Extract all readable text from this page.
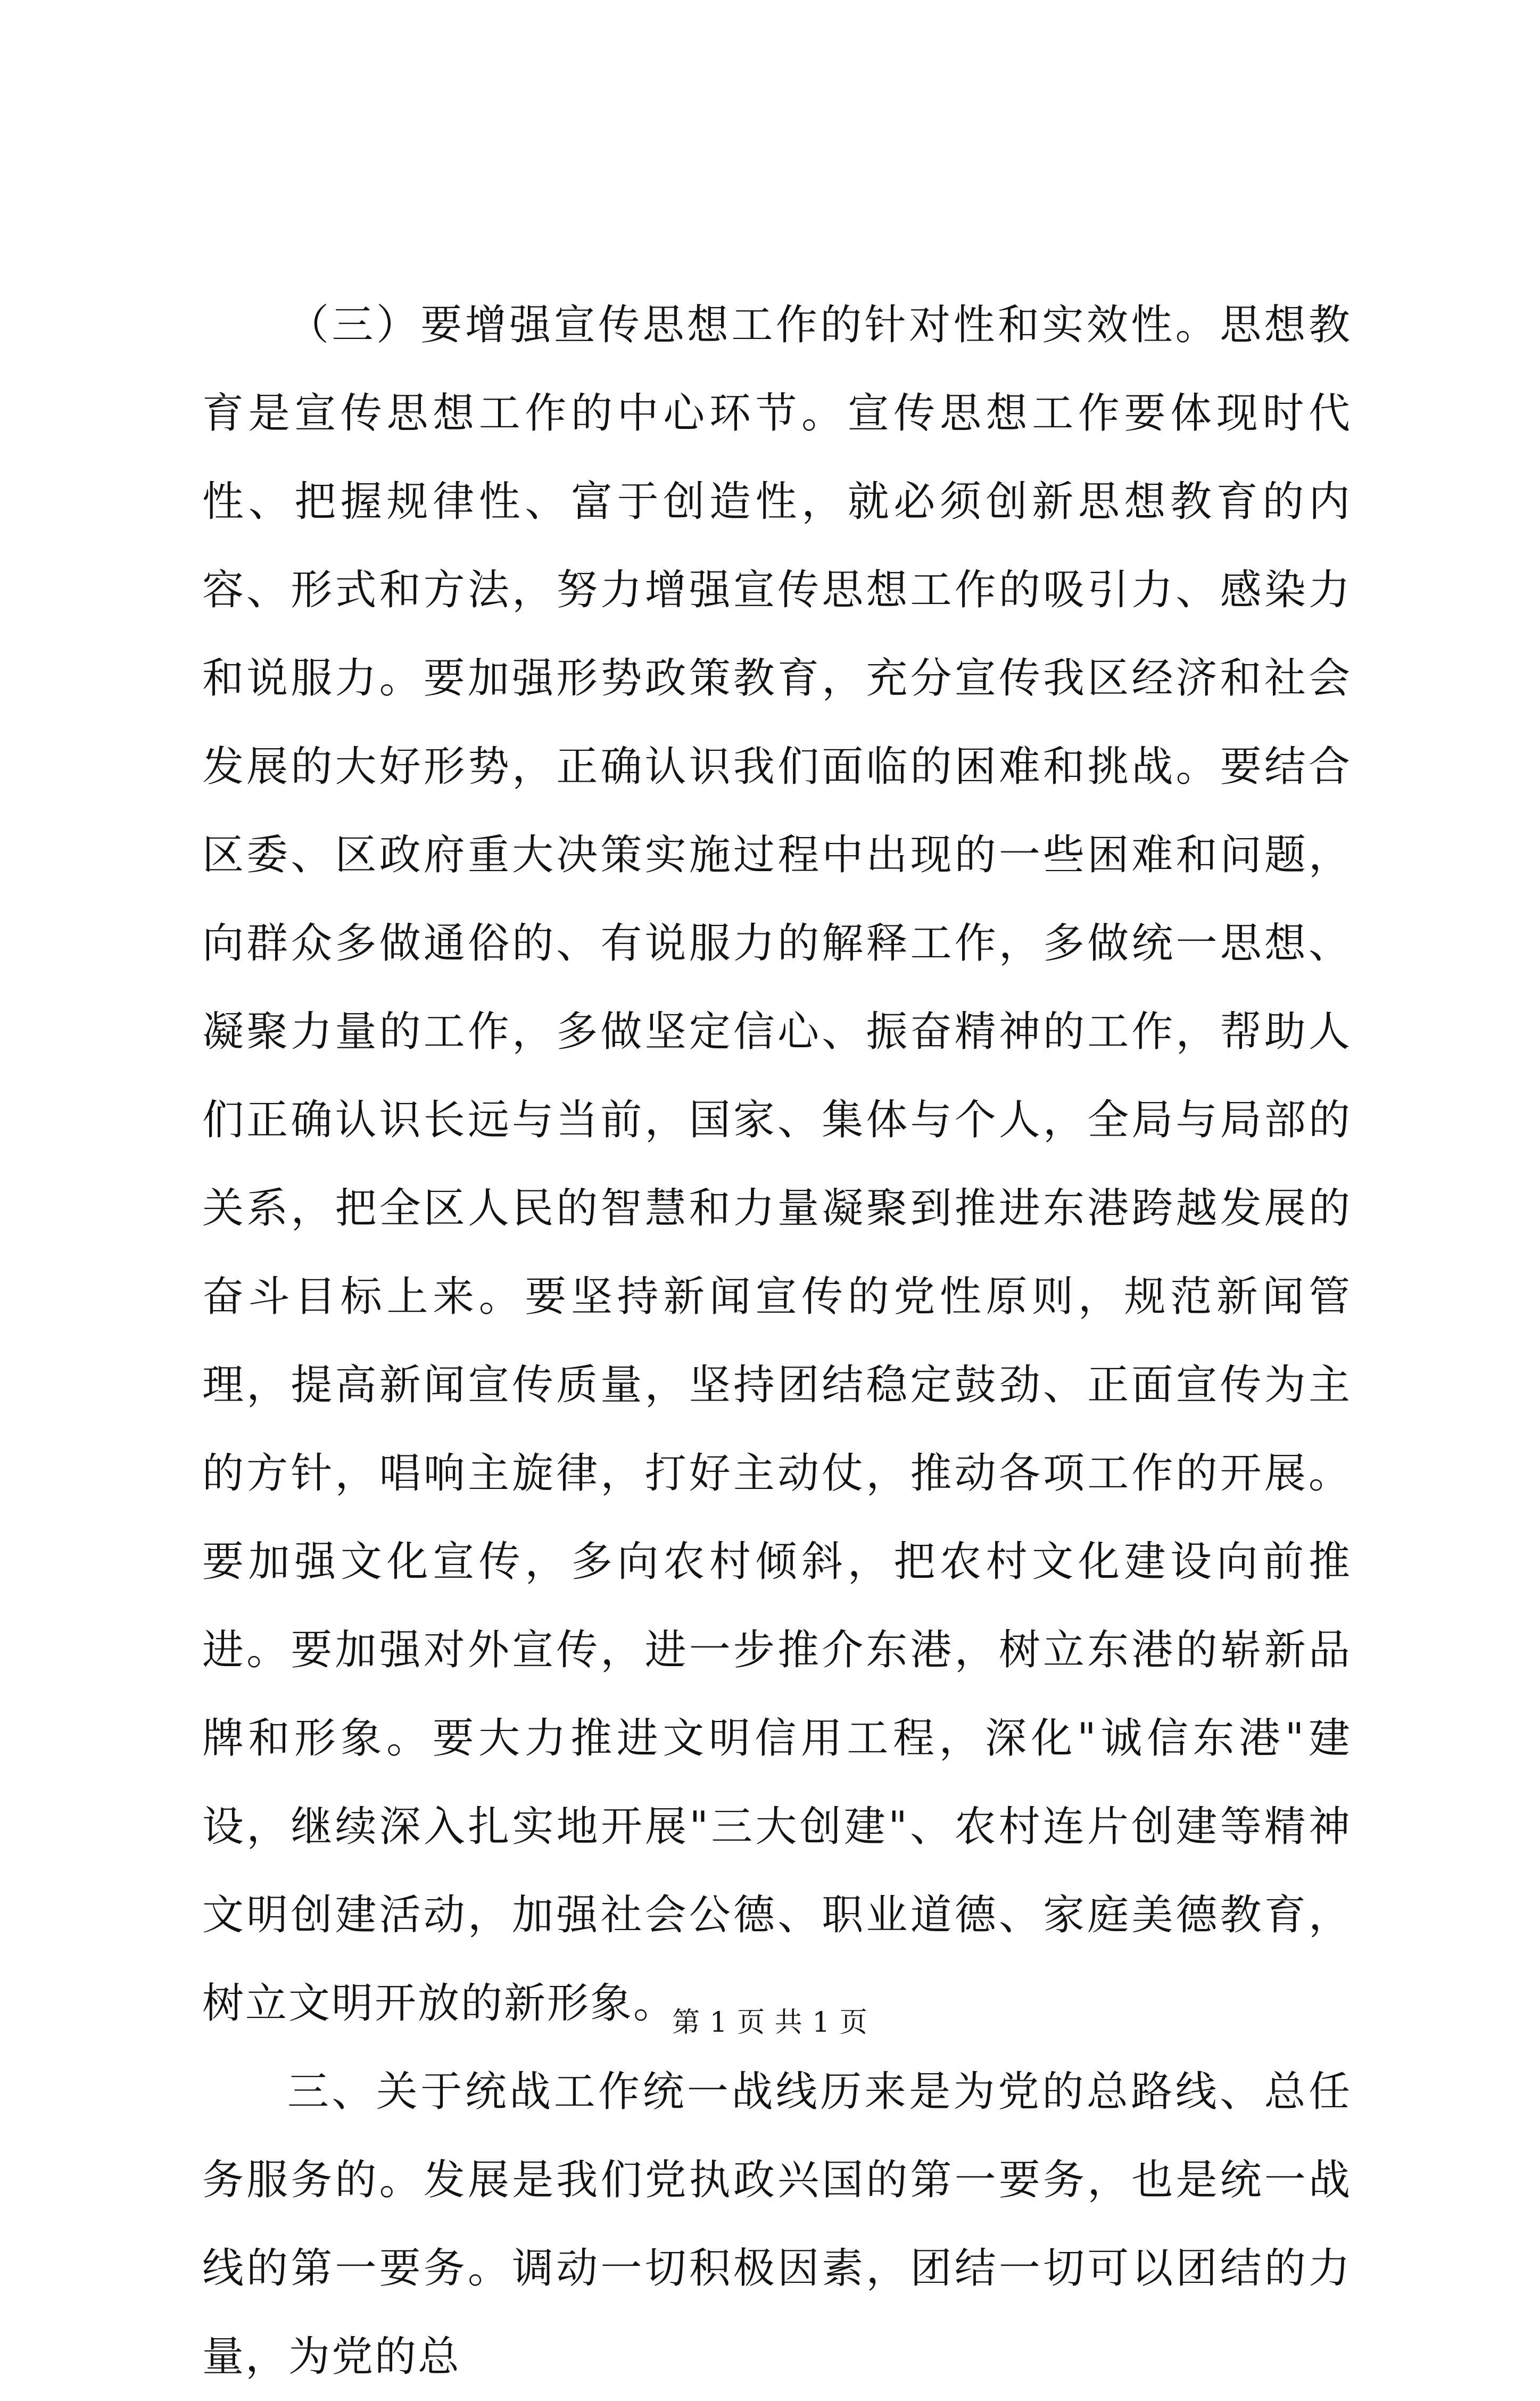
（三）要增强宣传思想工作的针对性和实效性。思想教育是宣传思想工作的中心环节。宣传思想工作要体现时代性、把握规律性、富于创造性，就必须创新思想教育的内容、形式和方法，努力增强宣传思想工作的吸引力、感染力和说服力。要加强形势政策教育，充分宣传我区经济和社会发展的大好形势，正确认识我们面临的困难和挑战。要结合区委、区政府重大决策实施过程中出现的一些困难和问题，向群众多做通俗的、有说服力的解释工作，多做统一思想、凝聚力量的工作，多做坚定信心、振奋精神的工作，帮助人们正确认识长远与当前，国家、集体与个人，全局与局部的关系，把全区人民的智慧和力量凝聚到推进东港跨越发展的奋斗目标上来。要坚持新闻宣传的党性原则，规范新闻管理，提高新闻宣传质量，坚持团结稳定鼓劲、正面宣传为主的方针，唱响主旋律，打好主动仗，推动各项工作的开展。要加强文化宣传，多向农村倾斜，把农村文化建设向前推进。要加强对外宣传，进一步推介东港，树立东港的崭新品牌和形象。要大力推进文明信用工程，深化"诚信东港"建设，继续深入扎实地开展"三大创建"、农村连片创建等精神文明创建活动，加强社会公德、职业道德、家庭美德教育，树立文明开放的新形象。

三、关于统战工作统一战线历来是为党的总路线、总任务服务的。发展是我们党执政兴国的第一要务，也是统一战线的第一要务。调动一切积极因素，团结一切可以团结的力量，为党的总

第 1 页 共 1 页
